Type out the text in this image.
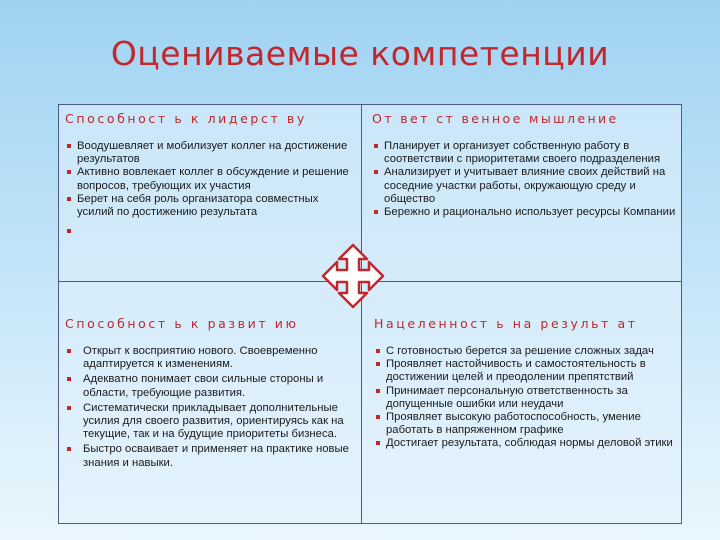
Оцениваемые компетенции
Способност ь к лидерст ву
Воодушевляет и мобилизует коллег на достижение результатов
Активно вовлекает коллег в обсуждение и решение вопросов, требующих их участия
Берет на себя роль организатора совместных усилий по достижению результата
От вет ст венное мышление
Планирует и организует собственную работу в соответствии с приоритетами своего подразделения
Анализирует и учитывает влияние своих действий на соседние участки работы, окружающую среду и общество
Бережно и рационально использует ресурсы Компании
Способност ь к развит ию
Открыт к восприятию нового. Своевременно адаптируется к изменениям.
Адекватно понимает свои сильные стороны и области, требующие развития.
Систематически прикладывает дополнительные усилия для своего развития, ориентируясь как на текущие, так и на будущие приоритеты бизнеса.
Быстро осваивает и применяет на практике новые знания и навыки.
Нацеленност ь на результ ат
С готовностью берется за решение сложных задач
Проявляет настойчивость и самостоятельность в достижении целей и преодолении препятствий
Принимает персональную ответственность за допущенные ошибки или неудачи
Проявляет высокую работоспособность, умение работать в напряженном графике
Достигает результата, соблюдая нормы деловой этики
